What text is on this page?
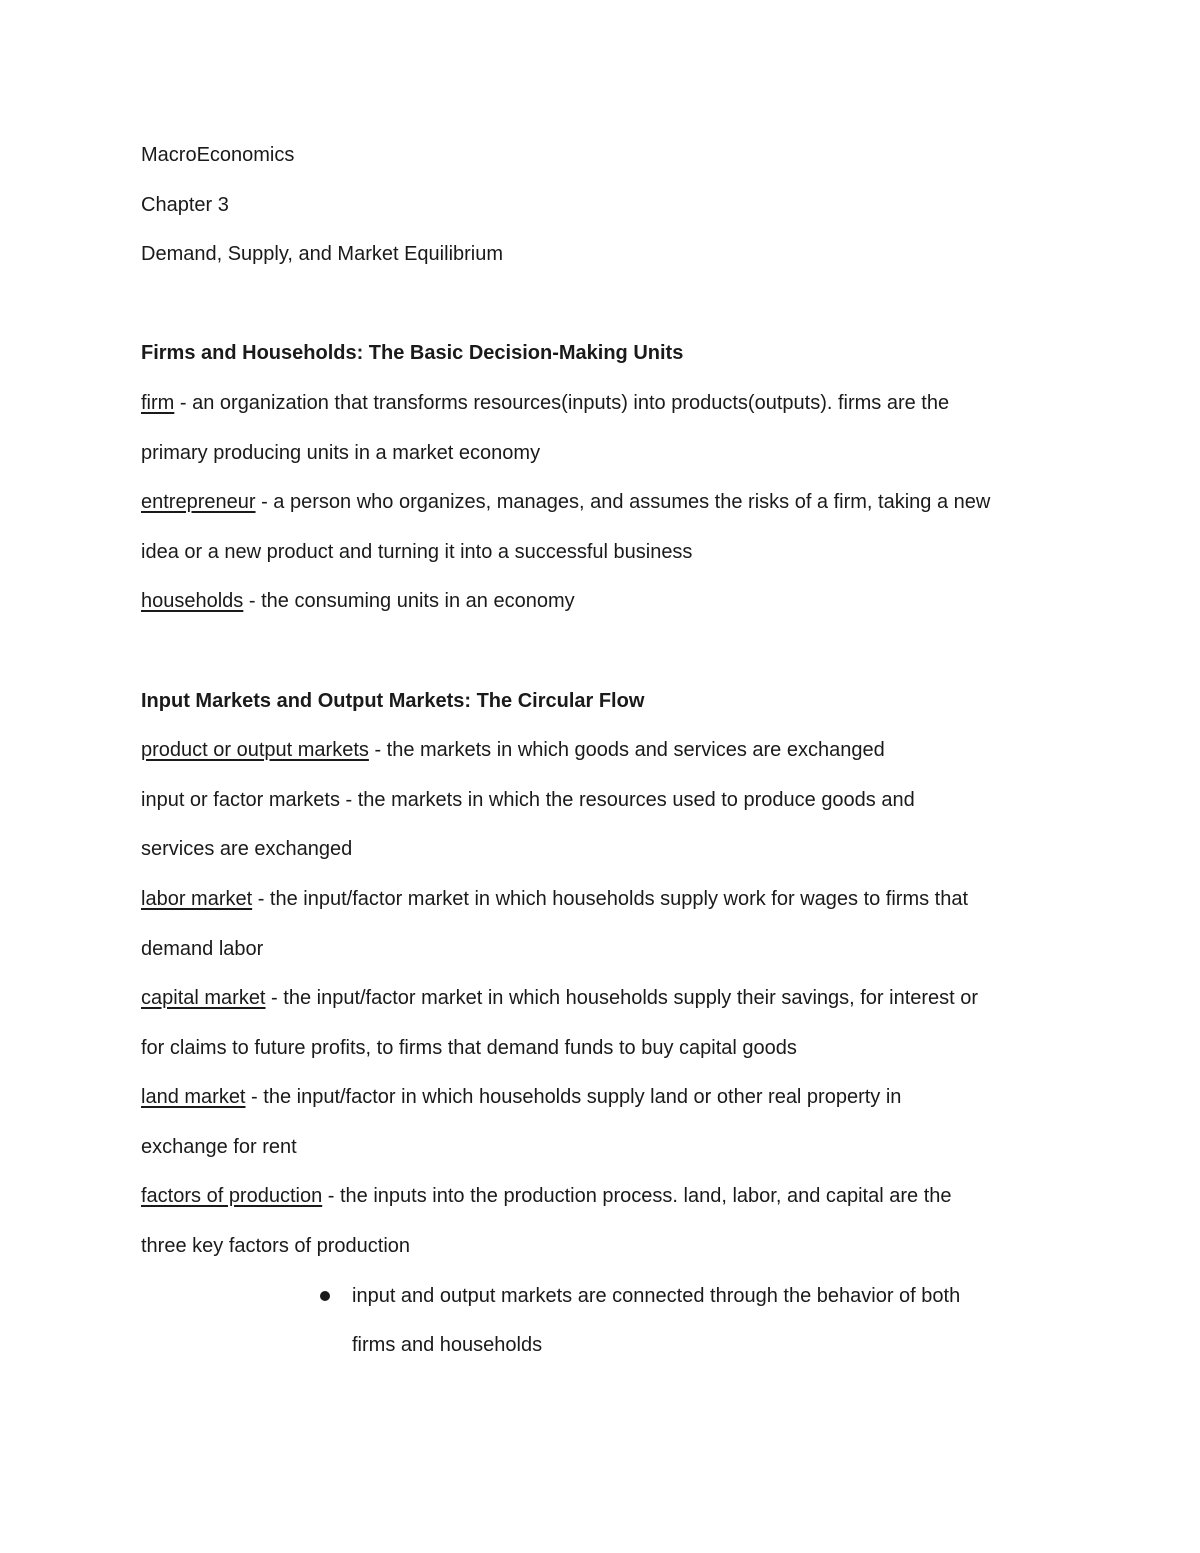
MacroEconomics
Chapter 3
Demand, Supply, and Market Equilibrium
Firms and Households: The Basic Decision-Making Units
firm - an organization that transforms resources(inputs) into products(outputs). firms are the
primary producing units in a market economy
entrepreneur - a person who organizes, manages, and assumes the risks of a firm, taking a new
idea or a new product and turning it into a successful business
households - the consuming units in an economy
Input Markets and Output Markets: The Circular Flow
product or output markets - the markets in which goods and services are exchanged
input or factor markets - the markets in which the resources used to produce goods and
services are exchanged
labor market - the input/factor market in which households supply work for wages to firms that
demand labor
capital market - the input/factor market in which households supply their savings, for interest or
for claims to future profits, to firms that demand funds to buy capital goods
land market - the input/factor in which households supply land or other real property in
exchange for rent
factors of production - the inputs into the production process. land, labor, and capital are the
three key factors of production
input and output markets are connected through the behavior of both
firms and households
